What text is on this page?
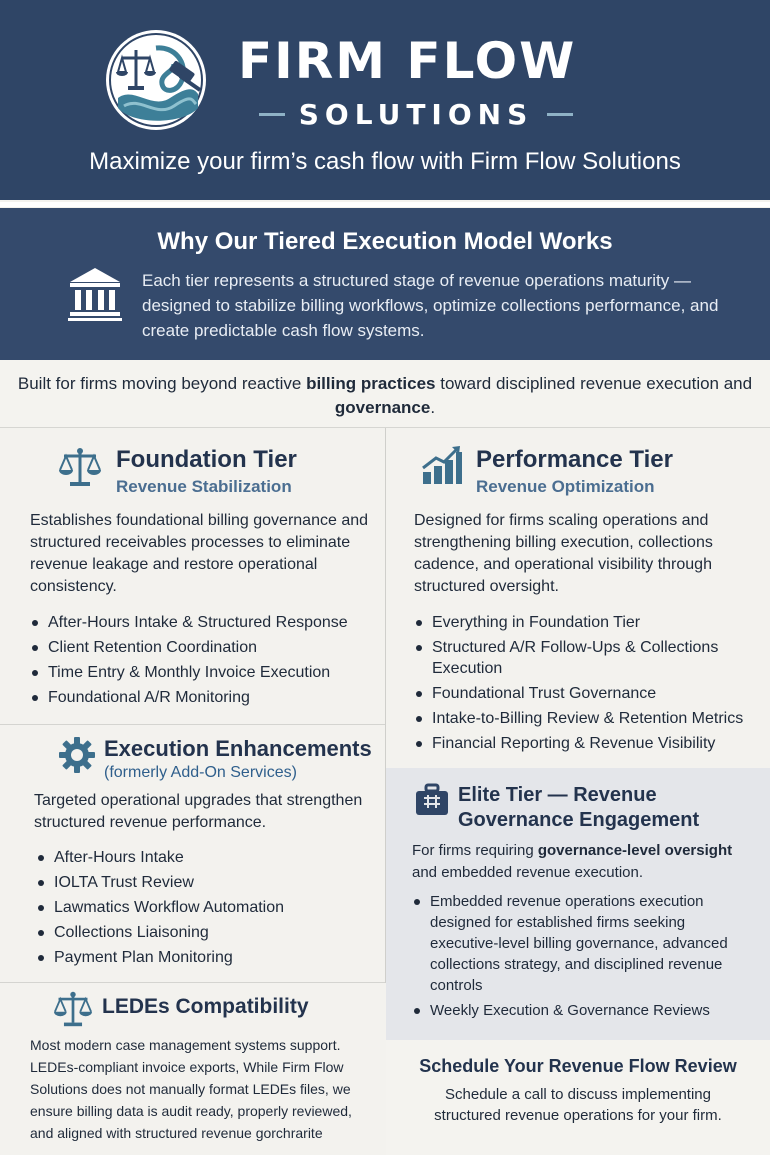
FIRM FLOW
SOLUTIONS
Maximize your firm’s cash flow with Firm Flow Solutions
Why Our Tiered Execution Model Works

Each tier represents a structured stage of revenue operations maturity — designed to stabilize billing workflows, optimize collections performance, and create predictable cash flow systems.

Built for firms moving beyond reactive billing practices toward disciplined revenue execution and governance.
Foundation Tier
Revenue Stabilization

Establishes foundational billing governance and structured receivables processes to eliminate revenue leakage and restore operational consistency.

After-Hours Intake & Structured Response
Client Retention Coordination
Time Entry & Monthly Invoice Execution
Foundational A/R Monitoring
Performance Tier
Revenue Optimization

Designed for firms scaling operations and strengthening billing execution, collections cadence, and operational visibility through structured oversight.

Everything in Foundation Tier
Structured A/R Follow-Ups & Collections Execution
Foundational Trust Governance
Intake-to-Billing Review & Retention Metrics
Financial Reporting & Revenue Visibility
Execution Enhancements
(formerly Add-On Services)

Targeted operational upgrades that strengthen structured revenue performance.

After-Hours Intake
IOLTA Trust Review
Lawmatics Workflow Automation
Collections Liaisoning
Payment Plan Monitoring
Elite Tier — Revenue Governance Engagement

For firms requiring governance-level oversight and embedded revenue execution.

Embedded revenue operations execution designed for established firms seeking executive-level billing governance, advanced collections strategy, and disciplined revenue controls
Weekly Execution & Governance Reviews
LEDEs Compatibility

Most modern case management systems support. LEDEs-compliant invoice exports, While Firm Flow Solutions does not manually format LEDEs files, we ensure billing data is audit ready, properly reviewed, and aligned with structured revenue gorchrarite

Schedule Your Revenue Flow Review

Schedule a call to discuss implementing structured revenue operations for your firm.
